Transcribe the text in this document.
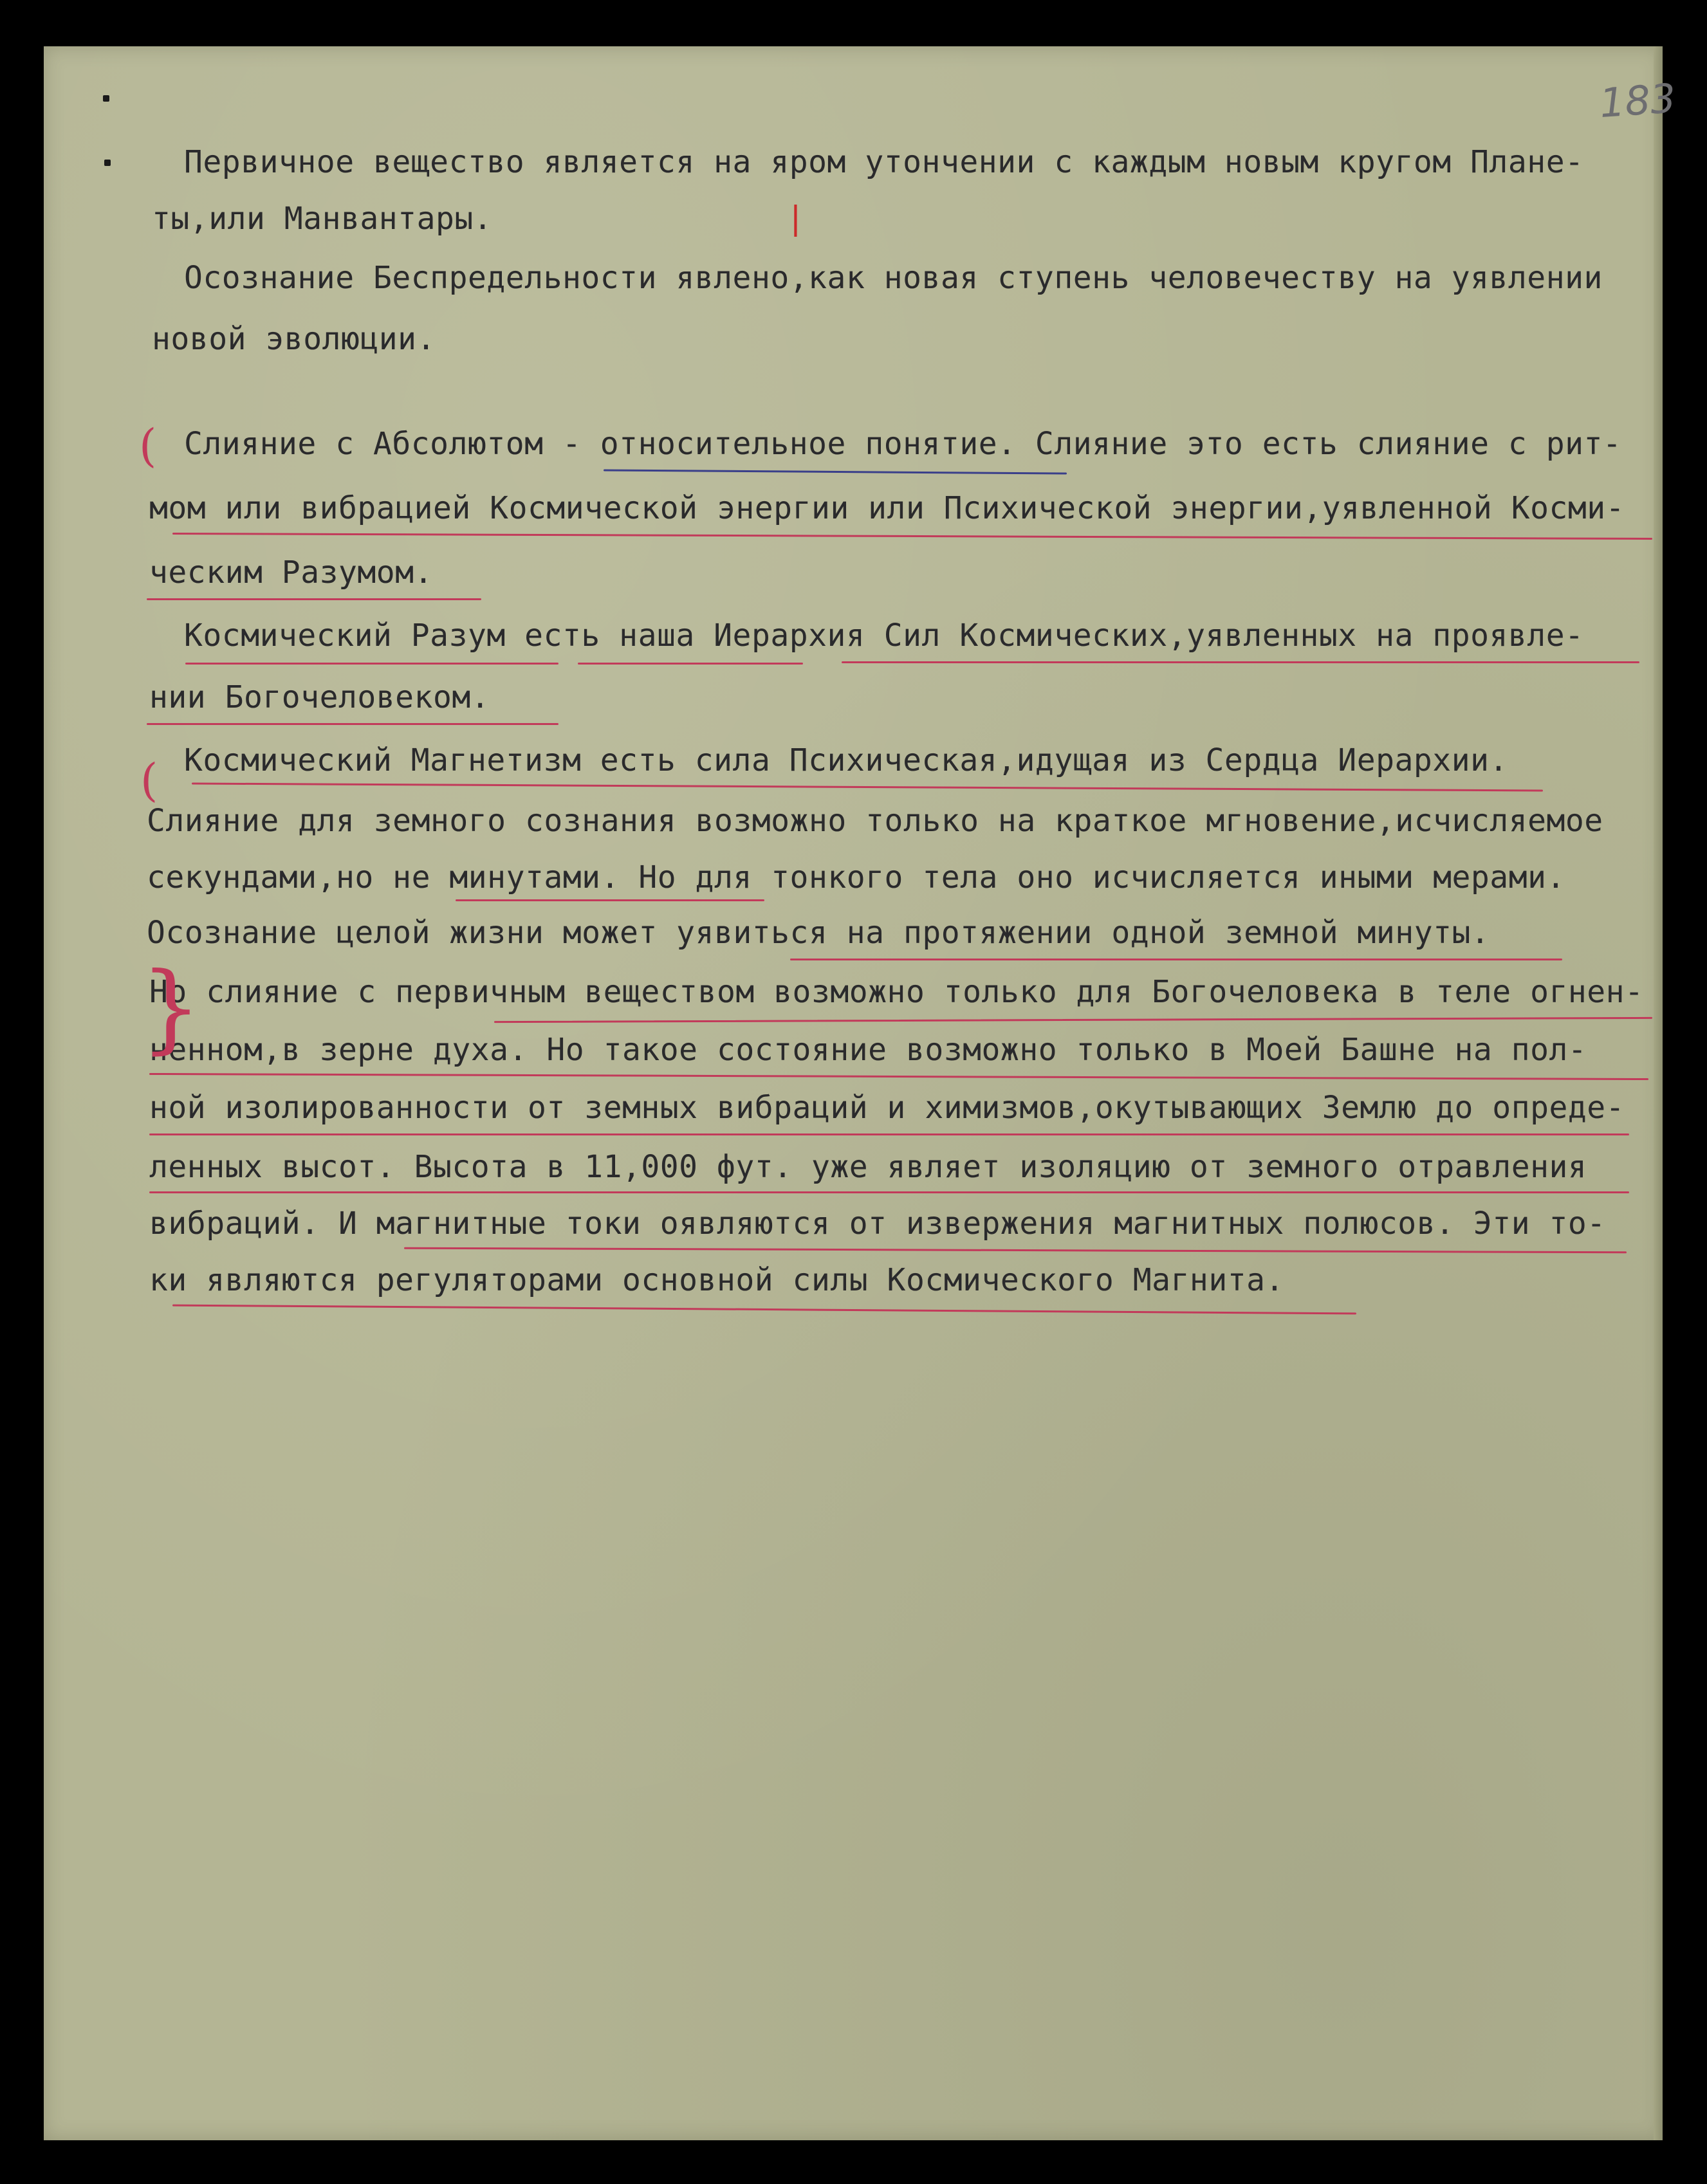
183
Первичное вещество является на яром утончении с каждым новым кругом Плане-
ты,или Манвантары.
Осознание Беспредельности явлено,как новая ступень человечеству на уявлении
новой эволюции.
Слияние с Абсолютом - относительное понятие. Слияние это есть слияние с рит-
мом или вибрацией Космической энергии или Психической энергии,уявленной Косми-
ческим Разумом.
Космический Разум есть наша Иерархия Сил Космических,уявленных на проявле-
нии Богочеловеком.
Космический Магнетизм есть сила Психическая,идущая из Сердца Иерархии.
Слияние для земного сознания возможно только на краткое мгновение,исчисляемое
секундами,но не минутами. Но для тонкого тела оно исчисляется иными мерами.
Осознание целой жизни может уявиться на протяжении одной земной минуты.
Но слияние с первичным веществом возможно только для Богочеловека в теле огнен-
ненном,в зерне духа. Но такое состояние возможно только в Моей Башне на пол-
ной изолированности от земных вибраций и химизмов,окутывающих Землю до опреде-
ленных высот. Высота в 11,000 фут. уже являет изоляцию от земного отравления
вибраций. И магнитные токи оявляются от извержения магнитных полюсов. Эти то-
ки являются регуляторами основной силы Космического Магнита.
|
(
(
}
